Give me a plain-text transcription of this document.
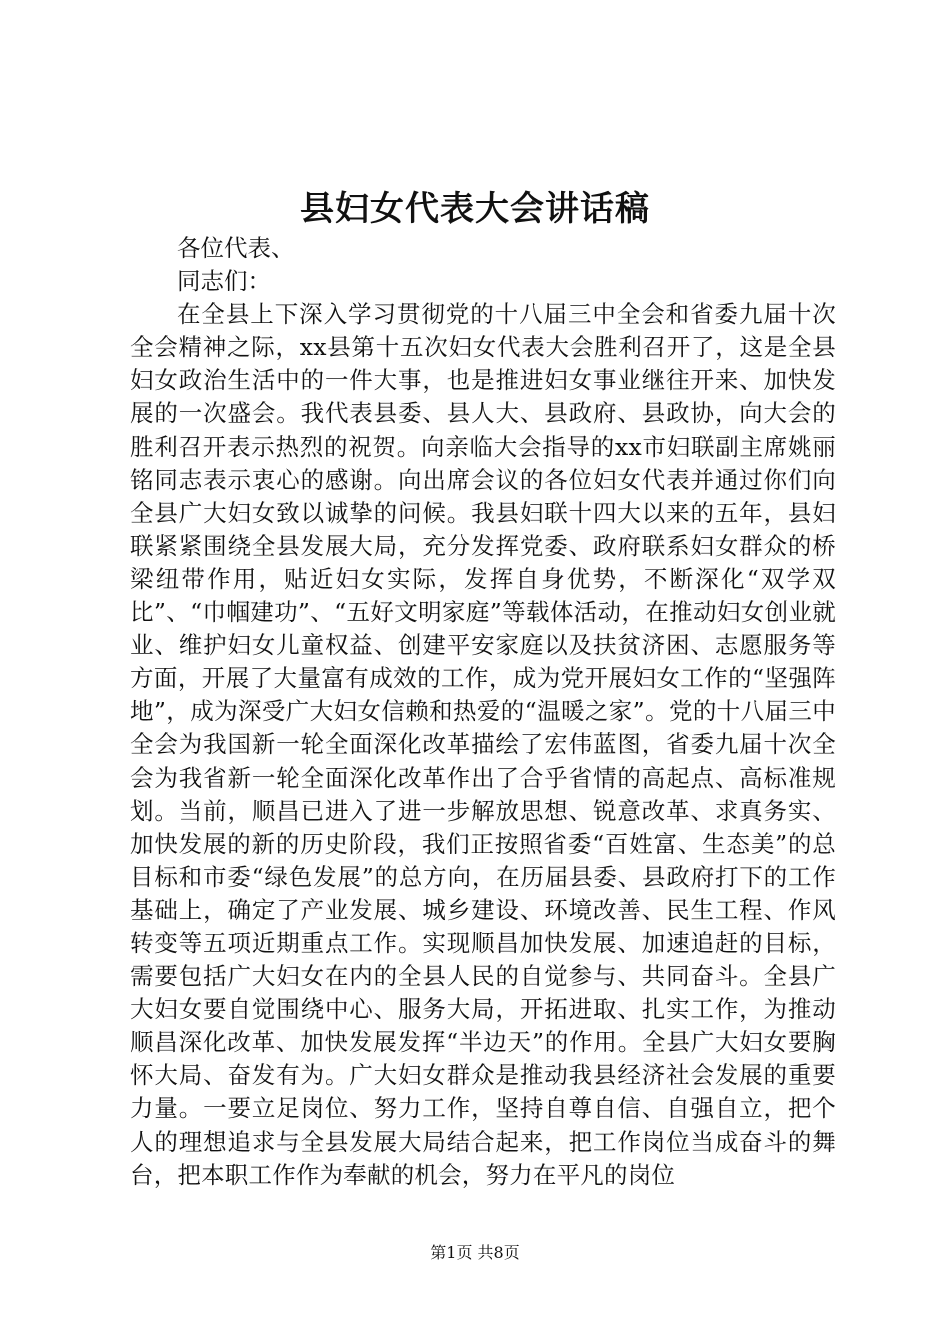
县妇女代表大会讲话稿

各位代表、

同志们：

在全县上下深入学习贯彻党的十八届三中全会和省委九届十次全会精神之际，xx县第十五次妇女代表大会胜利召开了，这是全县妇女政治生活中的一件大事，也是推进妇女事业继往开来、加快发展的一次盛会。我代表县委、县人大、县政府、县政协，向大会的胜利召开表示热烈的祝贺。向亲临大会指导的xx市妇联副主席姚丽铭同志表示衷心的感谢。向出席会议的各位妇女代表并通过你们向全县广大妇女致以诚挚的问候。我县妇联十四大以来的五年，县妇联紧紧围绕全县发展大局，充分发挥党委、政府联系妇女群众的桥梁纽带作用，贴近妇女实际，发挥自身优势，不断深化“双学双比”、“巾帼建功”、“五好文明家庭”等载体活动，在推动妇女创业就业、维护妇女儿童权益、创建平安家庭以及扶贫济困、志愿服务等方面，开展了大量富有成效的工作，成为党开展妇女工作的“坚强阵地”，成为深受广大妇女信赖和热爱的“温暖之家”。党的十八届三中全会为我国新一轮全面深化改革描绘了宏伟蓝图，省委九届十次全会为我省新一轮全面深化改革作出了合乎省情的高起点、高标准规划。当前，顺昌已进入了进一步解放思想、锐意改革、求真务实、加快发展的新的历史阶段，我们正按照省委“百姓富、生态美”的总目标和市委“绿色发展”的总方向，在历届县委、县政府打下的工作基础上，确定了产业发展、城乡建设、环境改善、民生工程、作风转变等五项近期重点工作。实现顺昌加快发展、加速追赶的目标，需要包括广大妇女在内的全县人民的自觉参与、共同奋斗。全县广大妇女要自觉围绕中心、服务大局，开拓进取、扎实工作，为推动顺昌深化改革、加快发展发挥“半边天”的作用。全县广大妇女要胸怀大局、奋发有为。广大妇女群众是推动我县经济社会发展的重要力量。一要立足岗位、努力工作，坚持自尊自信、自强自立，把个人的理想追求与全县发展大局结合起来，把工作岗位当成奋斗的舞台，把本职工作作为奉献的机会，努力在平凡的岗位

第1页 共8页
